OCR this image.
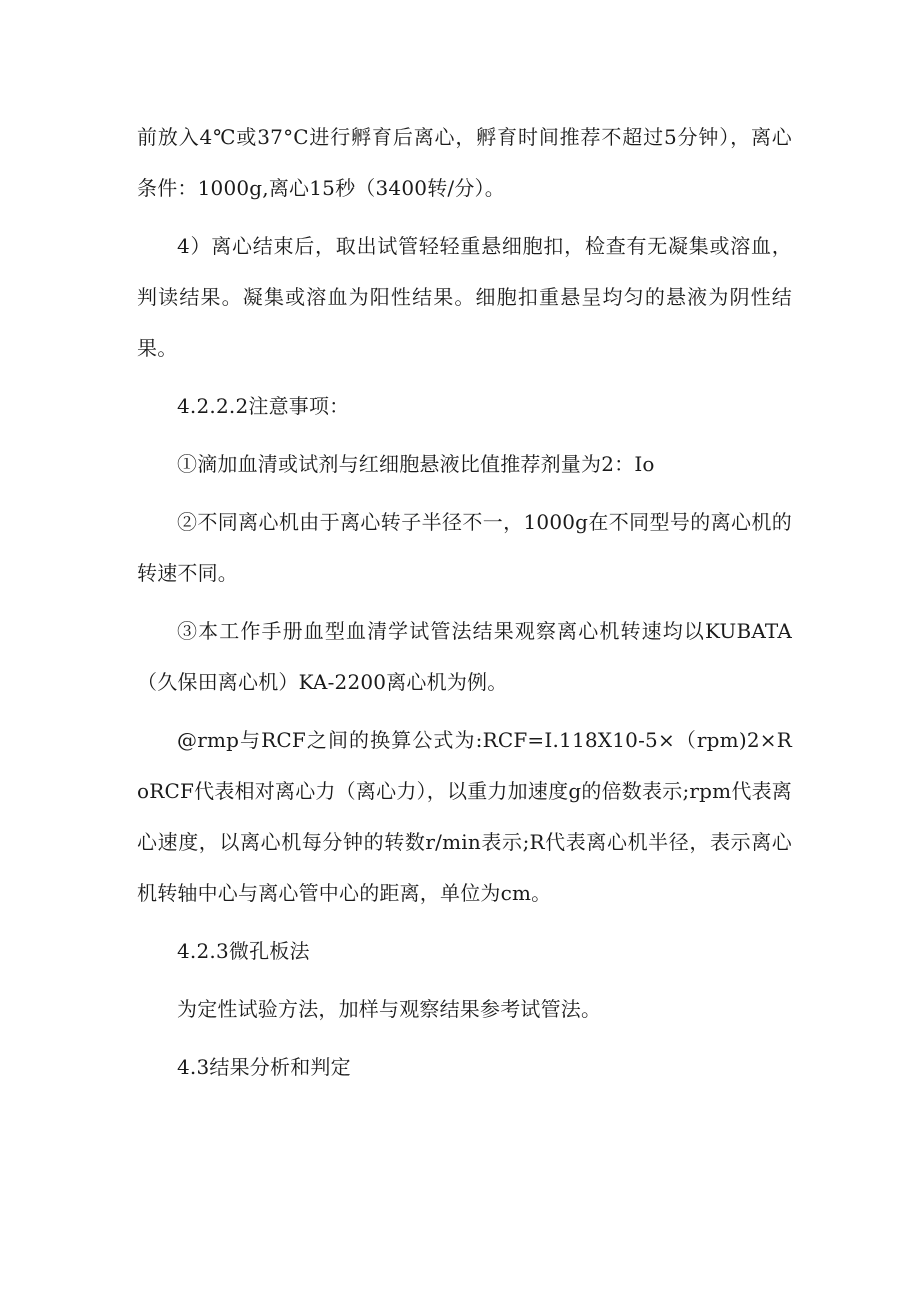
前放入4℃或37°C进行孵育后离心，孵育时间推荐不超过5分钟），离心条件：1000g,离心15秒（3400转/分）。

4）离心结束后，取出试管轻轻重悬细胞扣，检查有无凝集或溶血，判读结果。凝集或溶血为阳性结果。细胞扣重悬呈均匀的悬液为阴性结果。

4.2.2.2注意事项：

①滴加血清或试剂与红细胞悬液比值推荐剂量为2：Io

②不同离心机由于离心转子半径不一，1000g在不同型号的离心机的转速不同。

③本工作手册血型血清学试管法结果观察离心机转速均以KUBATA（久保田离心机）KA-2200离心机为例。

@rmp与RCF之间的换算公式为:RCF=I.118X10-5×（rpm)2×RoRCF代表相对离心力（离心力），以重力加速度g的倍数表示;rpm代表离心速度，以离心机每分钟的转数r/min表示;R代表离心机半径，表示离心机转轴中心与离心管中心的距离，单位为cm。

4.2.3微孔板法

为定性试验方法，加样与观察结果参考试管法。

4.3结果分析和判定
